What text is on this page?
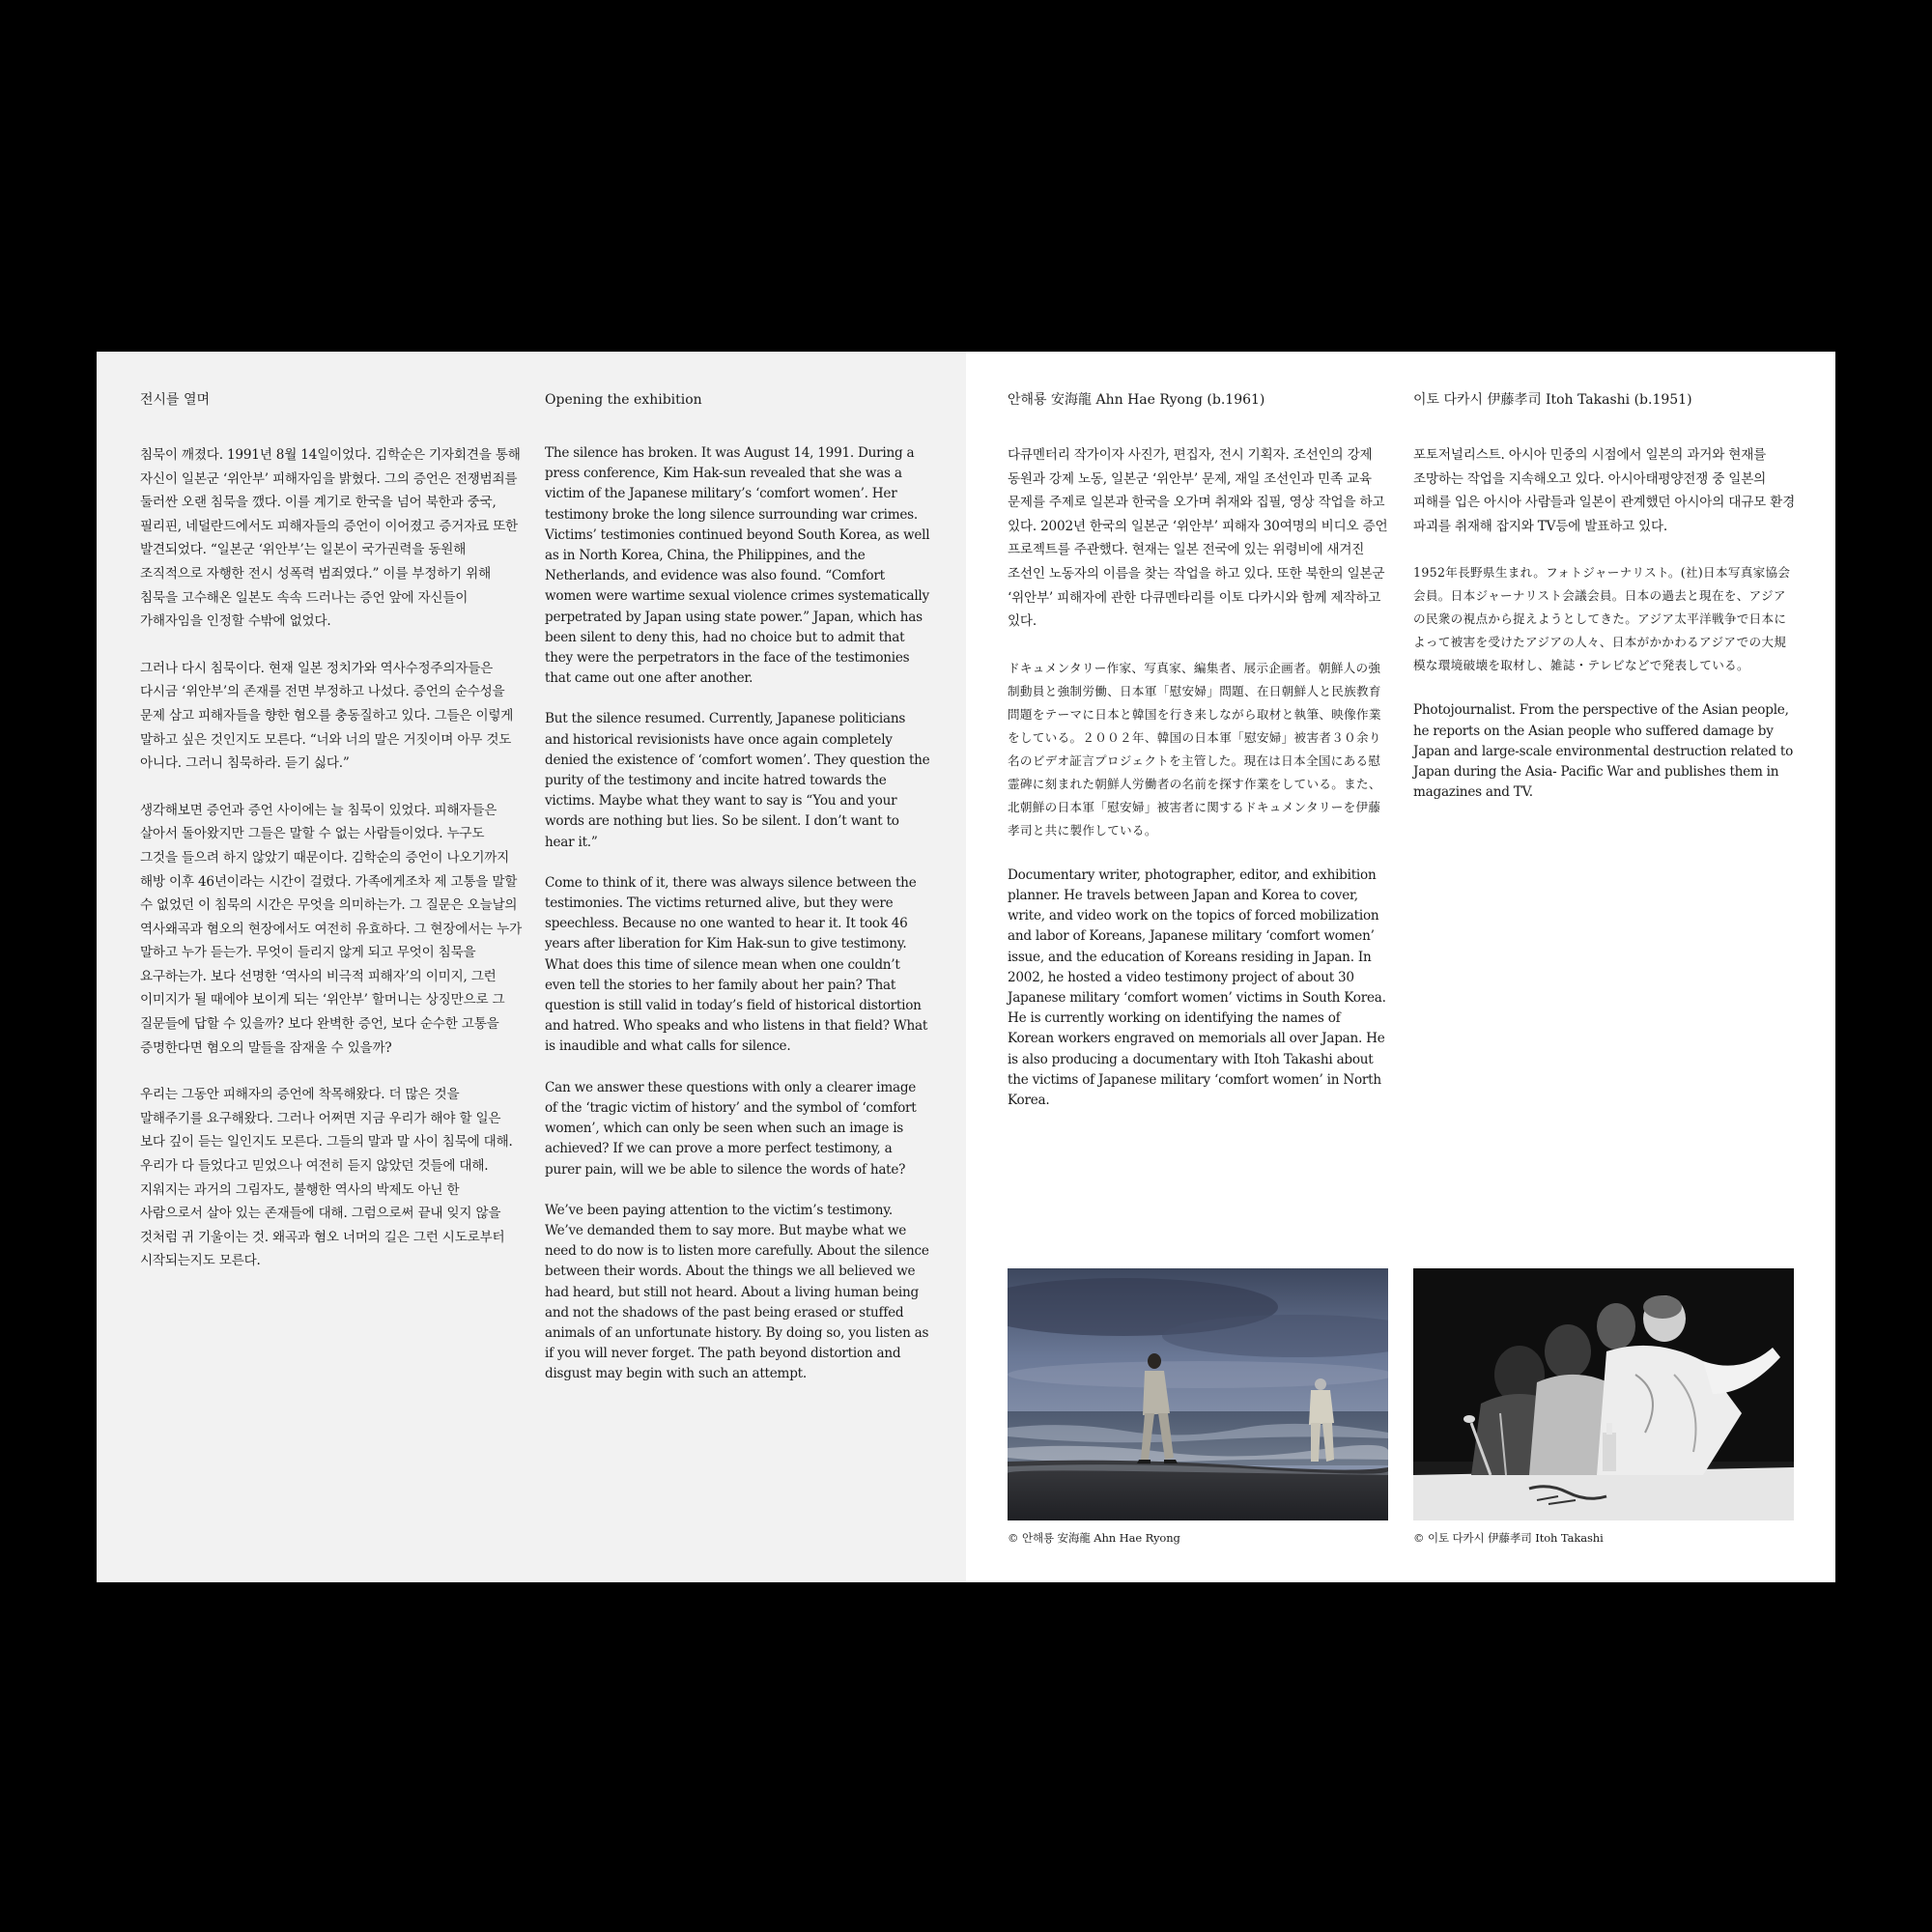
전시를 열며

침묵이 깨졌다. 1991년 8월 14일이었다. 김학순은 기자회견을 통해 자신이 일본군 ‘위안부’ 피해자임을 밝혔다. 그의 증언은 전쟁범죄를 둘러싼 오랜 침묵을 깼다. 이를 계기로 한국을 넘어 북한과 중국, 필리핀, 네덜란드에서도 피해자들의 증언이 이어졌고 증거자료 또한 발견되었다. “일본군 ‘위안부’는 일본이 국가권력을 동원해 조직적으로 자행한 전시 성폭력 범죄였다.” 이를 부정하기 위해 침묵을 고수해온 일본도 속속 드러나는 증언 앞에 자신들이 가해자임을 인정할 수밖에 없었다.

그러나 다시 침묵이다. 현재 일본 정치가와 역사수정주의자들은 다시금 ‘위안부’의 존재를 전면 부정하고 나섰다. 증언의 순수성을 문제 삼고 피해자들을 향한 혐오를 충동질하고 있다. 그들은 이렇게 말하고 싶은 것인지도 모른다. “너와 너의 말은 거짓이며 아무 것도 아니다. 그러니 침묵하라. 듣기 싫다.”

생각해보면 증언과 증언 사이에는 늘 침묵이 있었다. 피해자들은 살아서 돌아왔지만 그들은 말할 수 없는 사람들이었다. 누구도 그것을 들으려 하지 않았기 때문이다. 김학순의 증언이 나오기까지 해방 이후 46년이라는 시간이 걸렸다. 가족에게조차 제 고통을 말할 수 없었던 이 침묵의 시간은 무엇을 의미하는가. 그 질문은 오늘날의 역사왜곡과 혐오의 현장에서도 여전히 유효하다. 그 현장에서는 누가 말하고 누가 듣는가. 무엇이 들리지 않게 되고 무엇이 침묵을 요구하는가. 보다 선명한 ‘역사의 비극적 피해자’의 이미지, 그런 이미지가 될 때에야 보이게 되는 ‘위안부’ 할머니는 상징만으로 그 질문들에 답할 수 있을까? 보다 완벽한 증언, 보다 순수한 고통을 증명한다면 혐오의 말들을 잠재울 수 있을까?

우리는 그동안 피해자의 증언에 착목해왔다. 더 많은 것을 말해주기를 요구해왔다. 그러나 어쩌면 지금 우리가 해야 할 일은 보다 깊이 듣는 일인지도 모른다. 그들의 말과 말 사이 침묵에 대해. 우리가 다 들었다고 믿었으나 여전히 듣지 않았던 것들에 대해. 지워지는 과거의 그림자도, 불행한 역사의 박제도 아닌 한 사람으로서 살아 있는 존재들에 대해. 그럼으로써 끝내 잊지 않을 것처럼 귀 기울이는 것. 왜곡과 혐오 너머의 길은 그런 시도로부터 시작되는지도 모른다.

Opening the exhibition

The silence has broken. It was August 14, 1991. During a press conference, Kim Hak-sun revealed that she was a victim of the Japanese military’s ‘comfort women’. Her testimony broke the long silence surrounding war crimes. Victims’ testimonies continued beyond South Korea, as well as in North Korea, China, the Philippines, and the Netherlands, and evidence was also found. “Comfort women were wartime sexual violence crimes systematically perpetrated by Japan using state power.” Japan, which has been silent to deny this, had no choice but to admit that they were the perpetrators in the face of the testimonies that came out one after another.

But the silence resumed. Currently, Japanese politicians and historical revisionists have once again completely denied the existence of ‘comfort women’. They question the purity of the testimony and incite hatred towards the victims. Maybe what they want to say is “You and your words are nothing but lies. So be silent. I don’t want to hear it.”

Come to think of it, there was always silence between the testimonies. The victims returned alive, but they were speechless. Because no one wanted to hear it. It took 46 years after liberation for Kim Hak-sun to give testimony. What does this time of silence mean when one couldn’t even tell the stories to her family about her pain? That question is still valid in today’s field of historical distortion and hatred. Who speaks and who listens in that field? What is inaudible and what calls for silence.

Can we answer these questions with only a clearer image of the ‘tragic victim of history’ and the symbol of ‘comfort women’, which can only be seen when such an image is achieved? If we can prove a more perfect testimony, a purer pain, will we be able to silence the words of hate?

We’ve been paying attention to the victim’s testimony. We’ve demanded them to say more. But maybe what we need to do now is to listen more carefully. About the silence between their words. About the things we all believed we had heard, but still not heard. About a living human being and not the shadows of the past being erased or stuffed animals of an unfortunate history. By doing so, you listen as if you will never forget. The path beyond distortion and disgust may begin with such an attempt.

안해룡 安海龍 Ahn Hae Ryong (b.1961)

다큐멘터리 작가이자 사진가, 편집자, 전시 기획자. 조선인의 강제 동원과 강제 노동, 일본군 ‘위안부’ 문제, 재일 조선인과 민족 교육 문제를 주제로 일본과 한국을 오가며 취재와 집필, 영상 작업을 하고 있다. 2002년 한국의 일본군 ‘위안부’ 피해자 30여명의 비디오 증언 프로젝트를 주관했다. 현재는 일본 전국에 있는 위령비에 새겨진 조선인 노동자의 이름을 찾는 작업을 하고 있다. 또한 북한의 일본군 ‘위안부’ 피해자에 관한 다큐멘타리를 이토 다카시와 함께 제작하고 있다.

ドキュメンタリー作家、写真家、編集者、展示企画者。朝鮮人の強制動員と強制労働、日本軍「慰安婦」問題、在日朝鮮人と民族教育問題をテーマに日本と韓国を行き来しながら取材と執筆、映像作業をしている。２００２年、韓国の日本軍「慰安婦」被害者３０余り名のビデオ証言プロジェクトを主管した。現在は日本全国にある慰霊碑に刻まれた朝鮮人労働者の名前を探す作業をしている。また、北朝鮮の日本軍「慰安婦」被害者に関するドキュメンタリーを伊藤孝司と共に製作している。

Documentary writer, photographer, editor, and exhibition planner. He travels between Japan and Korea to cover, write, and video work on the topics of forced mobilization and labor of Koreans, Japanese military ‘comfort women’ issue, and the education of Koreans residing in Japan. In 2002, he hosted a video testimony project of about 30 Japanese military ‘comfort women’ victims in South Korea. He is currently working on identifying the names of Korean workers engraved on memorials all over Japan. He is also producing a documentary with Itoh Takashi about the victims of Japanese military ‘comfort women’ in North Korea.

이토 다카시 伊藤孝司 Itoh Takashi (b.1951)

포토저널리스트. 아시아 민중의 시점에서 일본의 과거와 현재를 조망하는 작업을 지속해오고 있다. 아시아태평양전쟁 중 일본의 피해를 입은 아시아 사람들과 일본이 관계했던 아시아의 대규모 환경 파괴를 취재해 잡지와 TV등에 발표하고 있다.

1952年長野県生まれ。フォトジャーナリスト。(社)日本写真家協会会員。日本ジャーナリスト会議会員。日本の過去と現在を、アジアの民衆の視点から捉えようとしてきた。アジア太平洋戦争で日本によって被害を受けたアジアの人々、日本がかかわるアジアでの大規模な環境破壊を取材し、雑誌・テレビなどで発表している。

Photojournalist. From the perspective of the Asian people, he reports on the Asian people who suffered damage by Japan and large-scale environmental destruction related to Japan during the Asia- Pacific War and publishes them in magazines and TV.

© 안해룡 安海龍 Ahn Hae Ryong	© 이토 다카시 伊藤孝司 Itoh Takashi
